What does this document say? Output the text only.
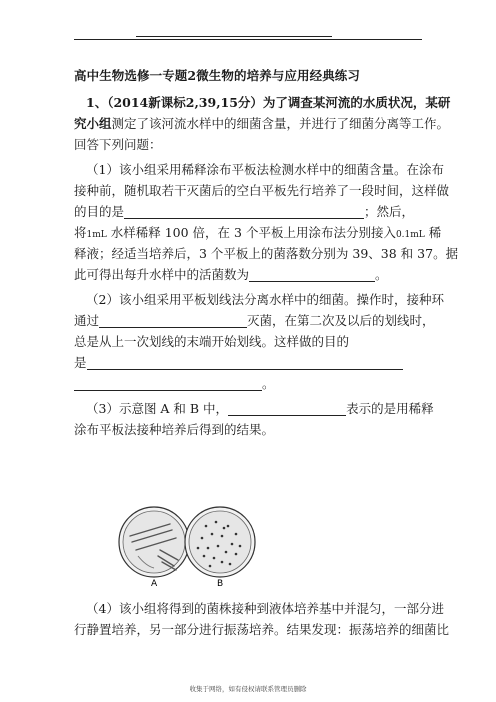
高中生物选修一专题2微生物的培养与应用经典练习
1、（2014新课标2,39,15分）为了调查某河流的水质状况，某研
究小组测定了该河流水样中的细菌含量，并进行了细菌分离等工作。
回答下列问题：
（1）该小组采用稀释涂布平板法检测水样中的细菌含量。在涂布
接种前，随机取若干灭菌后的空白平板先行培养了一段时间，这样做
的目的是	；然后，
将1mL 水样稀释 100 倍，在 3 个平板上用涂布法分别接入0.1mL 稀
释液；经适当培养后，3 个平板上的菌落数分别为 39、38 和 37。据
此可得出每升水样中的活菌数为	。
（2）该小组采用平板划线法分离水样中的细菌。操作时，接种环
通过	灭菌，在第二次及以后的划线时，
总是从上一次划线的末端开始划线。这样做的目的
是
。
（3）示意图 A 和 B 中，	表示的是用稀释
涂布平板法接种培养后得到的结果。
A	B
（4）该小组将得到的菌株接种到液体培养基中并混匀，一部分进
行静置培养，另一部分进行振荡培养。结果发现：振荡培养的细菌比
收集于网络，如有侵权请联系管理员删除
